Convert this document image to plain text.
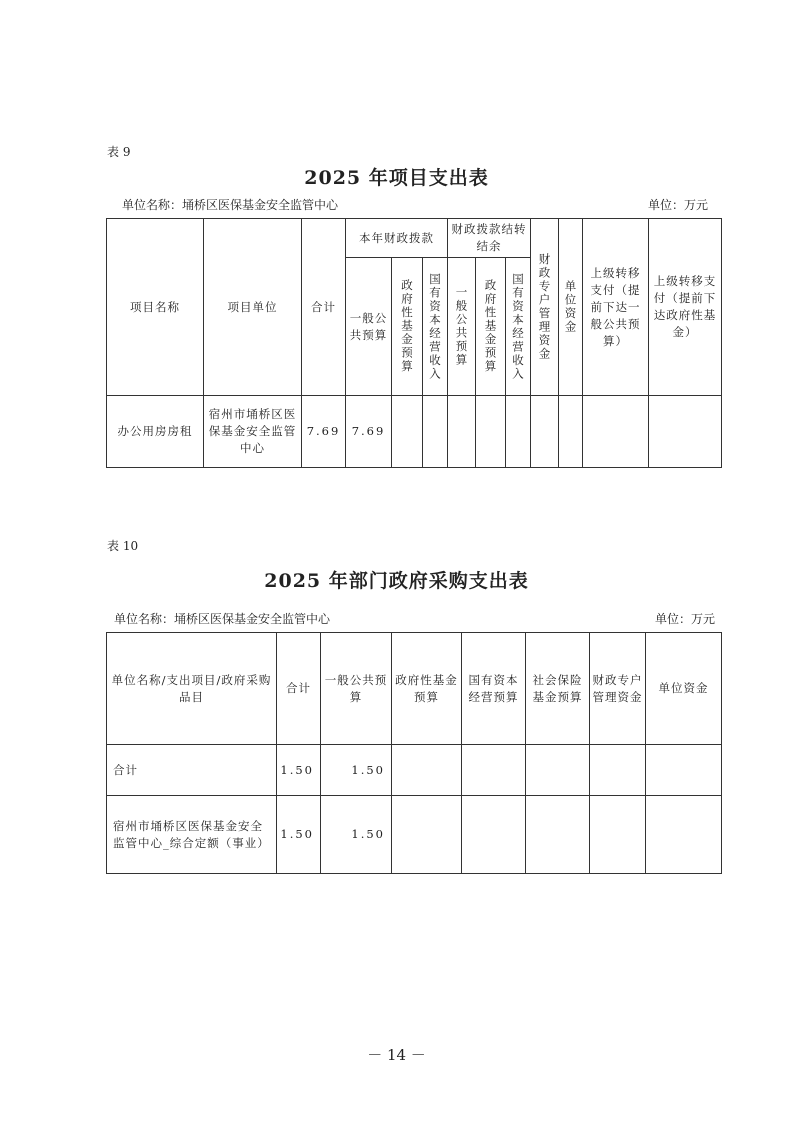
表 9
2025 年项目支出表
单位名称：埇桥区医保基金安全监管中心	单位：万元
项目名称	项目单位	合计	本年财政拨款			财政拨款结转结余			财政专户管理资金	单位资金	上级转移支付（提前下达一般公共预算）	上级转移支付（提前下达政府性基金）
			一般公共预算	政府性基金预算	国有资本经营收入	一般公共预算	政府性基金预算	国有资本经营收入				

办公用房房租	宿州市埇桥区医保基金安全监管中心	7.69	7.69									
表 10
2025 年部门政府采购支出表
单位名称：埇桥区医保基金安全监管中心	单位：万元
单位名称/支出项目/政府采购品目	合计	一般公共预算	政府性基金预算	国有资本经营预算	社会保险基金预算	财政专户管理资金	单位资金
合计	1.50	1.50					
宿州市埇桥区医保基金安全监管中心_综合定额（事业）	1.50	1.50					
－ 14 －
